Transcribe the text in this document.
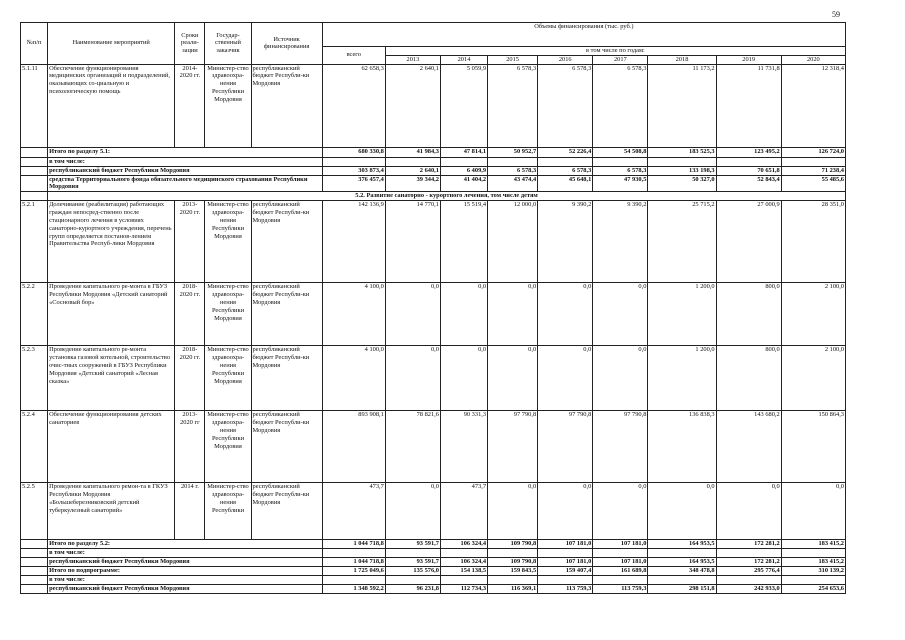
59
№п/п	Наименование мероприятий	Сроки реали-зации	Государ-ственный заказчик	Источник финансирования	Объемы финансирования (тыс. руб.)								
					всего	в том числе по годам:							
						2013	2014	2015	2016	2017	2018	2019	2020
5.1.11	Обеспечение функционирования медицинских организаций и подразделений, оказывающих со-циальную и психологическую помощь	2014-2020 гг.	Министер-ство здравоохра-нения Республики Мордовия	республиканский бюджет Республи-ки Мордовия	62 658,3	2 640,1	5 059,9	6 578,3	6 578,3	6 578,3	11 173,2	11 731,8	12 318,4
	Итого по разделу 5.1:				680 330,8	41 984,3	47 814,1	50 952,7	52 226,4	54 508,8	183 525,3	123 495,2	126 724,0
	в том числе:												
	республиканский бюджет Республики Мордовия				303 873,4	2 640,1	6 409,9	6 578,3	6 578,3	6 578,3	133 198,3	70 651,8	71 238,4
	средства Территориального фонда обязательного медицинского страхования Республики Мордовия				376 457,4	39 344,2	41 404,2	43 474,4	45 648,1	47 930,5	50 327,0	52 843,4	55 485,6
	5.2. Развитие санаторно - курортного лечения, том числе детям												
5.2.1	Долечивание (реабилитация) работающих граждан непосред-ственно после стационарного лечения в условиях санаторно-курортного учреждения, перечень групп определяется постанов-лением Правительства Респуб-лики Мордовия	2013-2020 гг.	Министер-ство здравоохра-нения Республики Мордовия	республиканский бюджет Республи-ки Мордовия	142 136,9	14 770,1	15 519,4	12 000,0	9 390,2	9 390,2	25 715,2	27 000,9	28 351,0
5.2.2	Проведение капитального ре-монта в ГБУЗ Республики Мордовия «Детский санаторий «Сосновый бор»	2018-2020 гг.	Министер-ство здравоохра-нения Республики Мордовия	республиканский бюджет Республи-ки Мордовия	4 100,0	0,0	0,0	0,0	0,0	0,0	1 200,0	800,0	2 100,0
5.2.3	Проведение капитального ре-монта установка газовой котельной, строительство очис-тных сооружений в ГБУЗ Республики Мордовия «Детский санаторий «Лесная сказка»	2018-2020 гг.	Министер-ство здравоохра-нения Республики Мордовия	республиканский бюджет Республи-ки Мордовия	4 100,0	0,0	0,0	0,0	0,0	0,0	1 200,0	800,0	2 100,0
5.2.4	Обеспечение функционирования детских санаториев	2013-2020 гг	Министер-ство здравоохра-нения Республики Мордовия	республиканский бюджет Республи-ки Мордовия	893 908,1	78 821,6	90 331,3	97 790,8	97 790,8	97 790,8	136 838,3	143 680,2	150 864,3
5.2.5	Проведение капитального ремон-та в ГКУЗ Республики Мордовия «Большеберезниковский детский туберкулезный санаторий»	2014 г.	Министер-ство здравоохра-нения Республики	республиканский бюджет Республи-ки Мордовия	473,7	0,0	473,7	0,0	0,0	0,0	0,0	0,0	0,0
	Итого по разделу 5.2:				1 044 718,8	93 591,7	106 324,4	109 790,8	107 181,0	107 181,0	164 953,5	172 281,2	183 415,2
	в том числе:												
	республиканский бюджет Республики Мордовия				1 044 718,8	93 591,7	106 324,4	109 790,8	107 181,0	107 181,0	164 953,5	172 281,2	183 415,2
	Итого по подпрограмме:				1 725 049,6	135 576,0	154 138,5	159 843,5	159 407,4	161 689,8	348 478,8	295 776,4	310 139,2
	в том числе:												
	республиканский бюджет Республики Мордовия				1 348 592,2	96 231,8	112 734,3	116 369,1	113 759,3	113 759,3	298 151,8	242 933,0	254 653,6
